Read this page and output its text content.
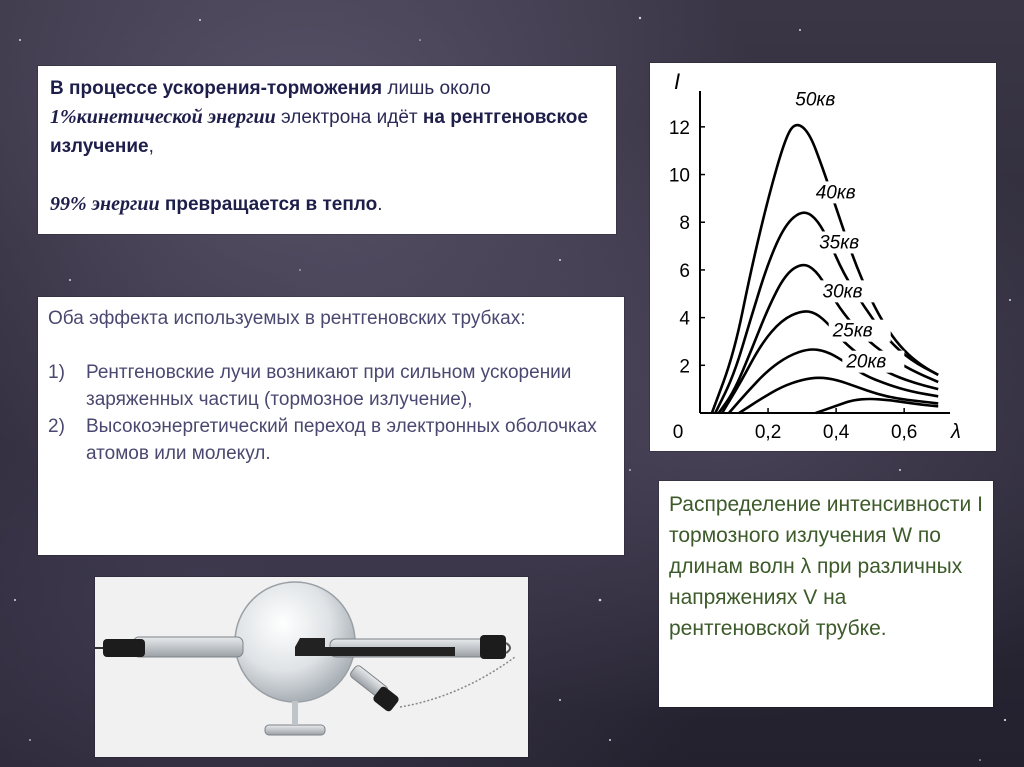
В процессе ускорения-торможения лишь около
1%кинетической энергии электрона идёт на рентгеновское излучение,
99% энергии превращается в тепло.
Оба эффекта используемых в рентгеновских трубках:
1)	Рентгеновские лучи возникают при сильном ускорении заряженных частиц (тормозное излучение),
2)	Высокоэнергетический переход в электронных оболочках атомов или молекул.
I
2
4
6
8
10
12
0	0,2 0,4 0,6 λ
50кв
40кв
35кв
30кв
25кв
20кв
Распределение интенсивности I тормозного излучения W по длинам волн λ при различных напряжениях V на рентгеновской трубке.
